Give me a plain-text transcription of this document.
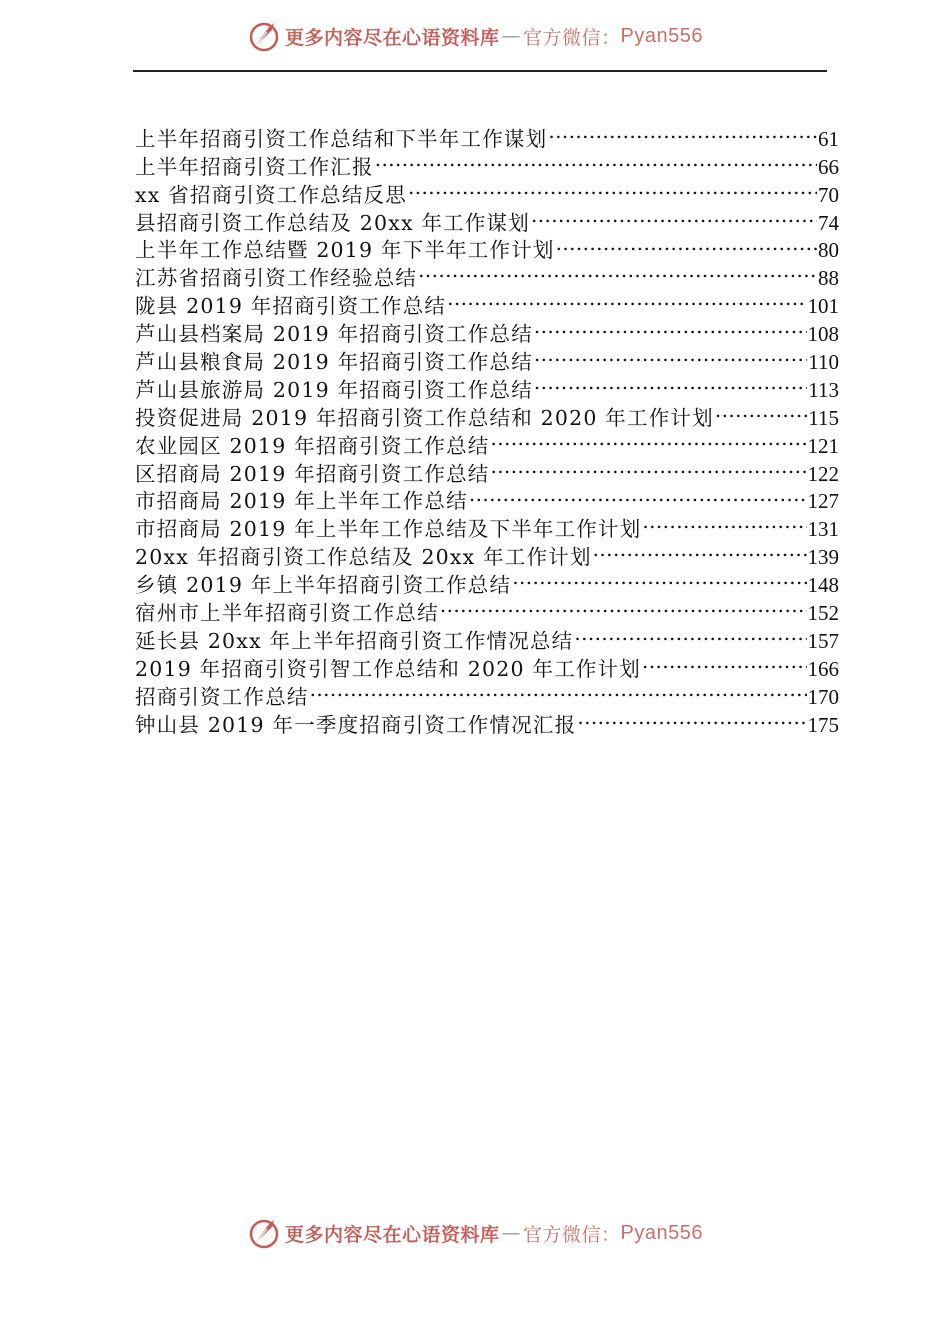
更多内容尽在心语资料库 — 官方微信： Pyan556
上半年招商引资工作总结和下半年工作谋划 .....	61
上半年招商引资工作汇报 .....	66
xx 省招商引资工作总结反思 .....	70
县招商引资工作总结及 20xx 年工作谋划 .....	74
上半年工作总结暨 2019 年下半年工作计划 .....	80
江苏省招商引资工作经验总结 .....	88
陇县 2019 年招商引资工作总结 .....	101
芦山县档案局 2019 年招商引资工作总结 .....	108
芦山县粮食局 2019 年招商引资工作总结 .....	110
芦山县旅游局 2019 年招商引资工作总结 .....	113
投资促进局 2019 年招商引资工作总结和 2020 年工作计划 .....	115
农业园区 2019 年招商引资工作总结 .....	121
区招商局 2019 年招商引资工作总结 .....	122
市招商局 2019 年上半年工作总结 .....	127
市招商局 2019 年上半年工作总结及下半年工作计划 .....	131
20xx 年招商引资工作总结及 20xx 年工作计划 .....	139
乡镇 2019 年上半年招商引资工作总结 .....	148
宿州市上半年招商引资工作总结 .....	152
延长县 20xx 年上半年招商引资工作情况总结 .....	157
2019 年招商引资引智工作总结和 2020 年工作计划 .....	166
招商引资工作总结 .....	170
钟山县 2019 年一季度招商引资工作情况汇报 .....	175
更多内容尽在心语资料库 — 官方微信： Pyan556
